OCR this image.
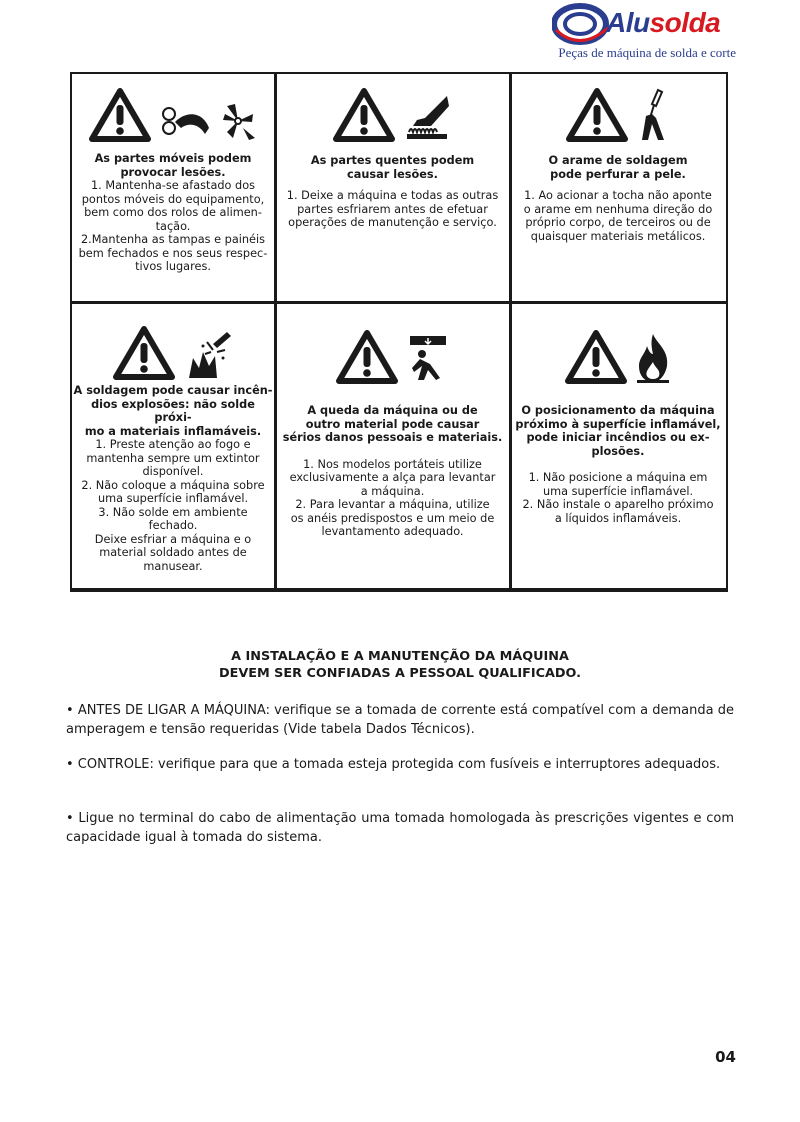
Alusolda
Peças de máquina de solda e corte
As partes móveis podem
provocar lesões.
1. Mantenha-se afastado dos
pontos móveis do equipamento,
bem como dos rolos de alimen-
tação.
2.Mantenha as tampas e painéis
bem fechados e nos seus respec-
tivos lugares.
As partes quentes podem
causar lesões.
1. Deixe a máquina e todas as outras
partes esfriarem antes de efetuar
operações de manutenção e serviço.
O arame de soldagem
pode perfurar a pele.
1. Ao acionar a tocha não aponte
o arame em nenhuma direção do
próprio corpo, de terceiros ou de
quaisquer materiais metálicos.
A soldagem pode causar incên-
dios explosões: não solde próxi-
mo a materiais inflamáveis.
1. Preste atenção ao fogo e
mantenha sempre um extintor
disponível.
2. Não coloque a máquina sobre
uma superfície inflamável.
3. Não solde em ambiente
fechado.
Deixe esfriar a máquina e o
material soldado antes de
manusear.
A queda da máquina ou de
outro material pode causar
sérios danos pessoais e materiais.
1. Nos modelos portáteis utilize
exclusivamente a alça para levantar
a máquina.
2. Para levantar a máquina, utilize
os anéis predispostos e um meio de
levantamento adequado.
O posicionamento da máquina
próximo à superfície inflamável,
pode iniciar incêndios ou ex-
plosões.
1. Não posicione a máquina em
uma superfície inflamável.
2. Não instale o aparelho próximo
a líquidos inflamáveis.
A INSTALAÇÃO E A MANUTENÇÃO DA MÁQUINA
DEVEM SER CONFIADAS A PESSOAL QUALIFICADO.
• ANTES DE LIGAR A MÁQUINA: verifique se a tomada de corrente está compatível com a demanda de amperagem e tensão requeridas (Vide tabela Dados Técnicos).
• CONTROLE: verifique para que a tomada esteja protegida com fusíveis e interruptores adequados.
• Ligue no terminal do cabo de alimentação uma tomada homologada às prescrições vigentes e com capacidade igual à tomada do sistema.
04
